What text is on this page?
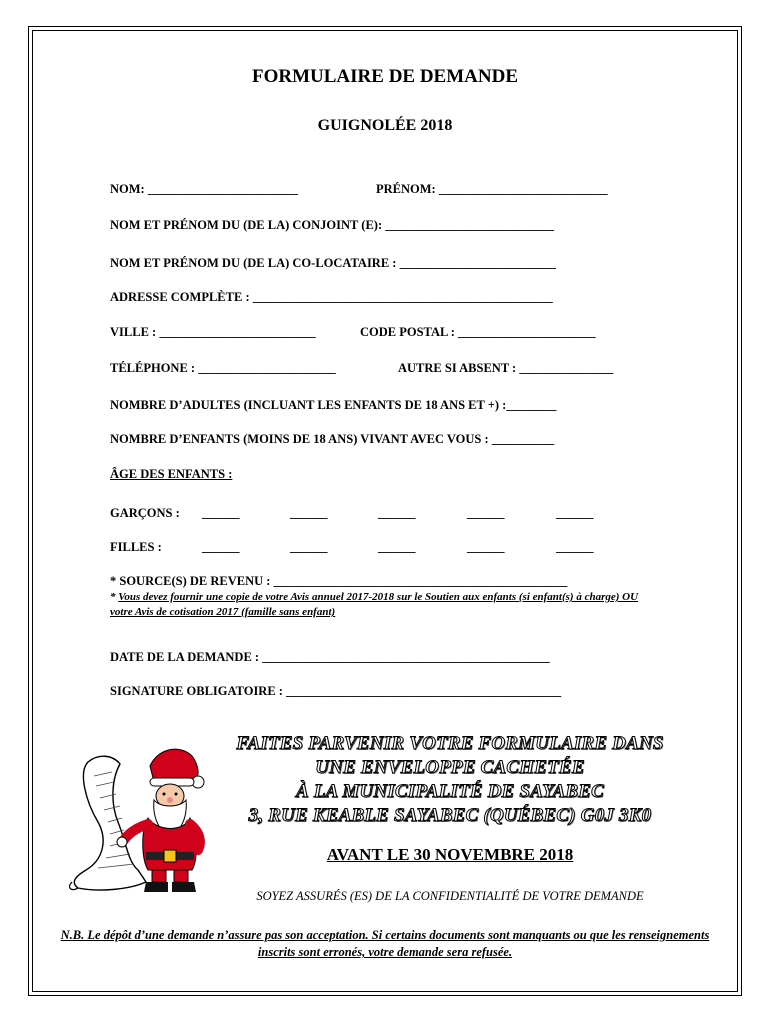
FORMULAIRE DE DEMANDE
GUIGNOLÉE 2018
NOM: ________________________	PRÉNOM: ___________________________
NOM ET PRÉNOM DU (DE LA) CONJOINT (E): ___________________________
NOM ET PRÉNOM DU (DE LA) CO-LOCATAIRE : _________________________
ADRESSE COMPLÈTE : ________________________________________________
VILLE : _________________________	CODE POSTAL : ______________________
TÉLÉPHONE : ______________________	AUTRE SI ABSENT : _______________
NOMBRE D’ADULTES (INCLUANT LES ENFANTS DE 18 ANS ET +) :________
NOMBRE D’ENFANTS (MOINS DE 18 ANS) VIVANT AVEC VOUS : __________
ÂGE DES ENFANTS :
GARÇONS : ______	______	______	______	______
FILLES :	______	______	______	______	______
* SOURCE(S) DE REVENU : _______________________________________________
* Vous devez fournir une copie de votre Avis annuel 2017-2018 sur le Soutien aux enfants (si enfant(s) à charge) OU votre Avis de cotisation 2017 (famille sans enfant)
DATE DE LA DEMANDE : ______________________________________________
SIGNATURE OBLIGATOIRE : ____________________________________________
FAITES PARVENIR VOTRE FORMULAIRE DANS
UNE ENVELOPPE CACHETÉE
À LA MUNICIPALITÉ DE SAYABEC
3, RUE KEABLE SAYABEC (QUÉBEC) G0J 3K0
AVANT LE 30 NOVEMBRE 2018
SOYEZ ASSURÉS (ES) DE LA CONFIDENTIALITÉ DE VOTRE DEMANDE
N.B. Le dépôt d’une demande n’assure pas son acceptation. Si certains documents sont manquants ou que les renseignements inscrits sont erronés, votre demande sera refusée.
